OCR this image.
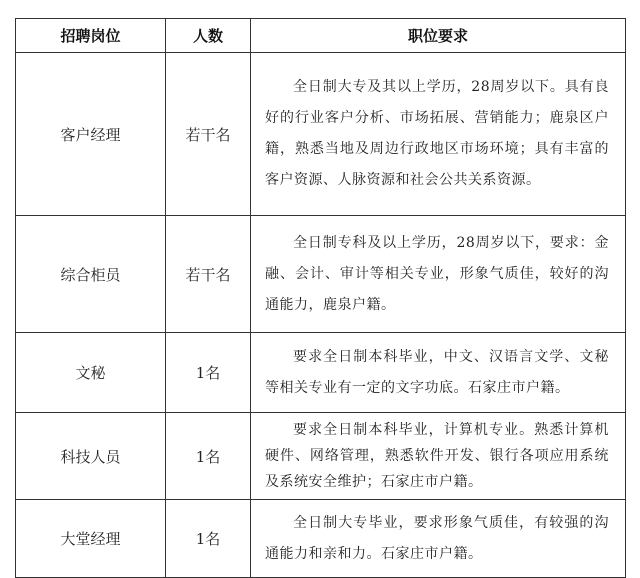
招聘岗位	人数	职位要求
客户经理	若干名	全日制大专及其以上学历，28周岁以下。具有良好的行业客户分析、市场拓展、营销能力；鹿泉区户籍，熟悉当地及周边行政地区市场环境；具有丰富的客户资源、人脉资源和社会公共关系资源。
综合柜员	若干名	全日制专科及以上学历，28周岁以下，要求：金融、会计、审计等相关专业，形象气质佳，较好的沟通能力，鹿泉户籍。
文秘	1名	要求全日制本科毕业，中文、汉语言文学、文秘等相关专业有一定的文字功底。石家庄市户籍。
科技人员	1名	要求全日制本科毕业，计算机专业。熟悉计算机硬件、网络管理，熟悉软件开发、银行各项应用系统及系统安全维护；石家庄市户籍。
大堂经理	1名	全日制大专毕业，要求形象气质佳，有较强的沟通能力和亲和力。石家庄市户籍。
